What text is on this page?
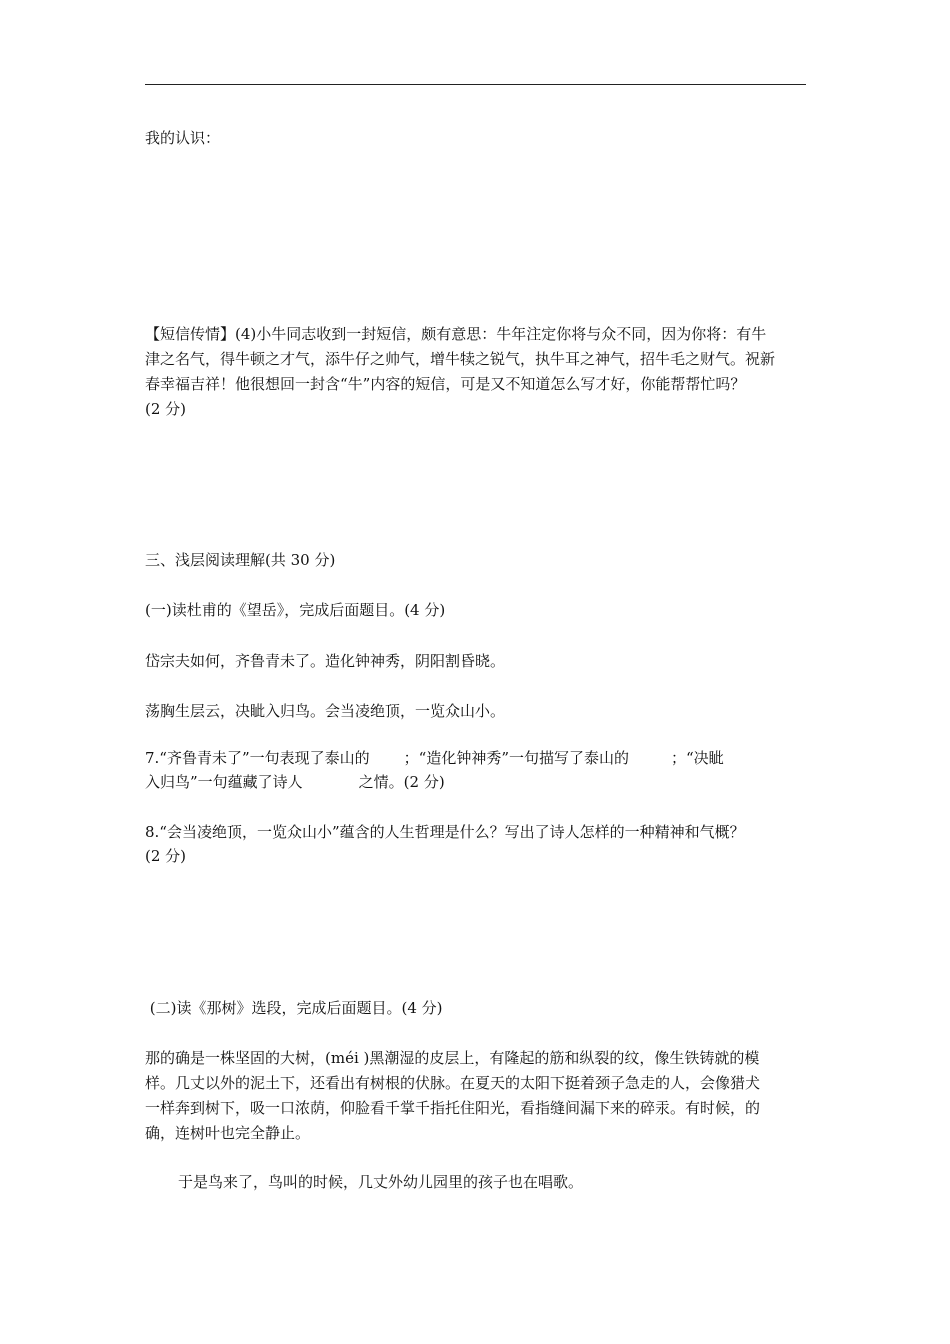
我的认识：

【短信传情】(4)小牛同志收到一封短信，颇有意思：牛年注定你将与众不同，因为你将：有牛
津之名气，得牛顿之才气，添牛仔之帅气，增牛犊之锐气，执牛耳之神气，招牛毛之财气。祝新
春幸福吉祥！他很想回一封含“牛”内容的短信，可是又不知道怎么写才好，你能帮帮忙吗？
(2 分)

三、浅层阅读理解(共 30 分)

(一)读杜甫的《望岳》，完成后面题目。(4 分)

岱宗夫如何，齐鲁青未了。造化钟神秀，阴阳割昏晓。

荡胸生层云，决眦入归鸟。会当凌绝顶，一览众山小。

7.“齐鲁青未了”一句表现了泰山的 ；“造化钟神秀”一句描写了泰山的	；“决眦
入归鸟”一句蕴藏了诗人	之情。(2 分)
8.“会当凌绝顶，一览众山小”蕴含的人生哲理是什么？写出了诗人怎样的一种精神和气概？
(2 分)

(二)读《那树》选段，完成后面题目。(4 分)

那的确是一株坚固的大树，(méi )黑潮湿的皮层上，有隆起的筋和纵裂的纹，像生铁铸就的模
样。几丈以外的泥土下，还看出有树根的伏脉。在夏天的太阳下挺着颈子急走的人，会像猎犬
一样奔到树下，吸一口浓荫，仰脸看千掌千指托住阳光，看指缝间漏下来的碎汞。有时候，的
确，连树叶也完全静止。

于是鸟来了，鸟叫的时候，几丈外幼儿园里的孩子也在唱歌。
